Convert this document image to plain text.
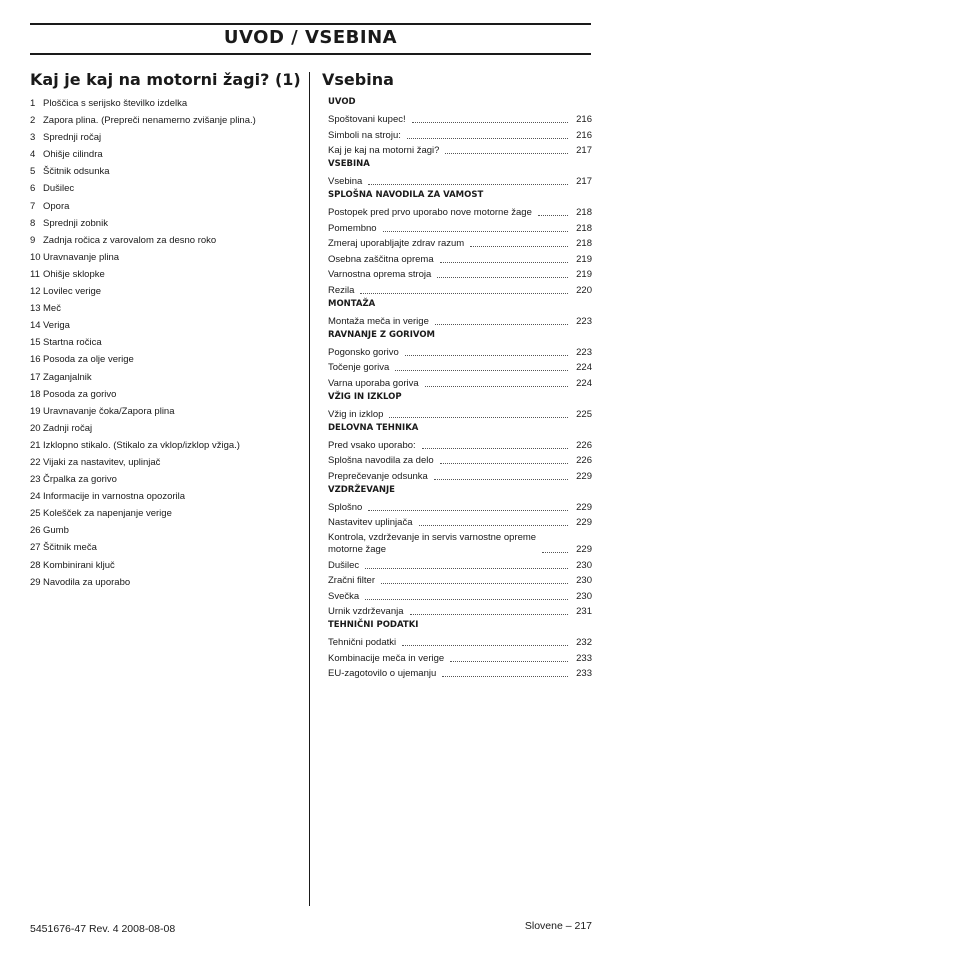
UVOD / VSEBINA
Kaj je kaj na motorni žagi? (1)
1 Ploščica s serijsko številko izdelka
2 Zapora plina. (Prepreči nenamerno zvišanje plina.)
3 Sprednji ročaj
4 Ohišje cilindra
5 Ščitnik odsunka
6 Dušilec
7 Opora
8 Sprednji zobnik
9 Zadnja ročica z varovalom za desno roko
10 Uravnavanje plina
11 Ohišje sklopke
12 Lovilec verige
13 Meč
14 Veriga
15 Startna ročica
16 Posoda za olje verige
17 Zaganjalnik
18 Posoda za gorivo
19 Uravnavanje čoka/Zapora plina
20 Zadnji ročaj
21 Izklopno stikalo. (Stikalo za vklop/izklop vžiga.)
22 Vijaki za nastavitev, uplinjač
23 Črpalka za gorivo
24 Informacije in varnostna opozorila
25 Kolešček za napenjanje verige
26 Gumb
27 Ščitnik meča
28 Kombinirani ključ
29 Navodila za uporabo
Vsebina
UVOD
Spoštovani kupec!	216
Simboli na stroju:	216
Kaj je kaj na motorni žagi?	217
VSEBINA
Vsebina	217
SPLOŠNA NAVODILA ZA VAMOST
Postopek pred prvo uporabo nove motorne žage	218
Pomembno	218
Zmeraj uporabljajte zdrav razum	218
Osebna zaščitna oprema	219
Varnostna oprema stroja	219
Rezila	220
MONTAŽA
Montaža meča in verige	223
RAVNANJE Z GORIVOM
Pogonsko gorivo	223
Točenje goriva	224
Varna uporaba goriva	224
VŽIG IN IZKLOP
Vžig in izklop	225
DELOVNA TEHNIKA
Pred vsako uporabo:	226
Splošna navodila za delo	226
Preprečevanje odsunka	229
VZDRŽEVANJE
Splošno	229
Nastavitev uplinjača	229
Kontrola, vzdrževanje in servis varnostne opreme
motorne žage	229
Dušilec	230
Zračni filter	230
Svečka	230
Urnik vzdrževanja	231
TEHNIČNI PODATKI
Tehnični podatki	232
Kombinacije meča in verige	233
EU-zagotovilo o ujemanju	233
5451676-47 Rev. 4 2008-08-08	Slovene – 217
